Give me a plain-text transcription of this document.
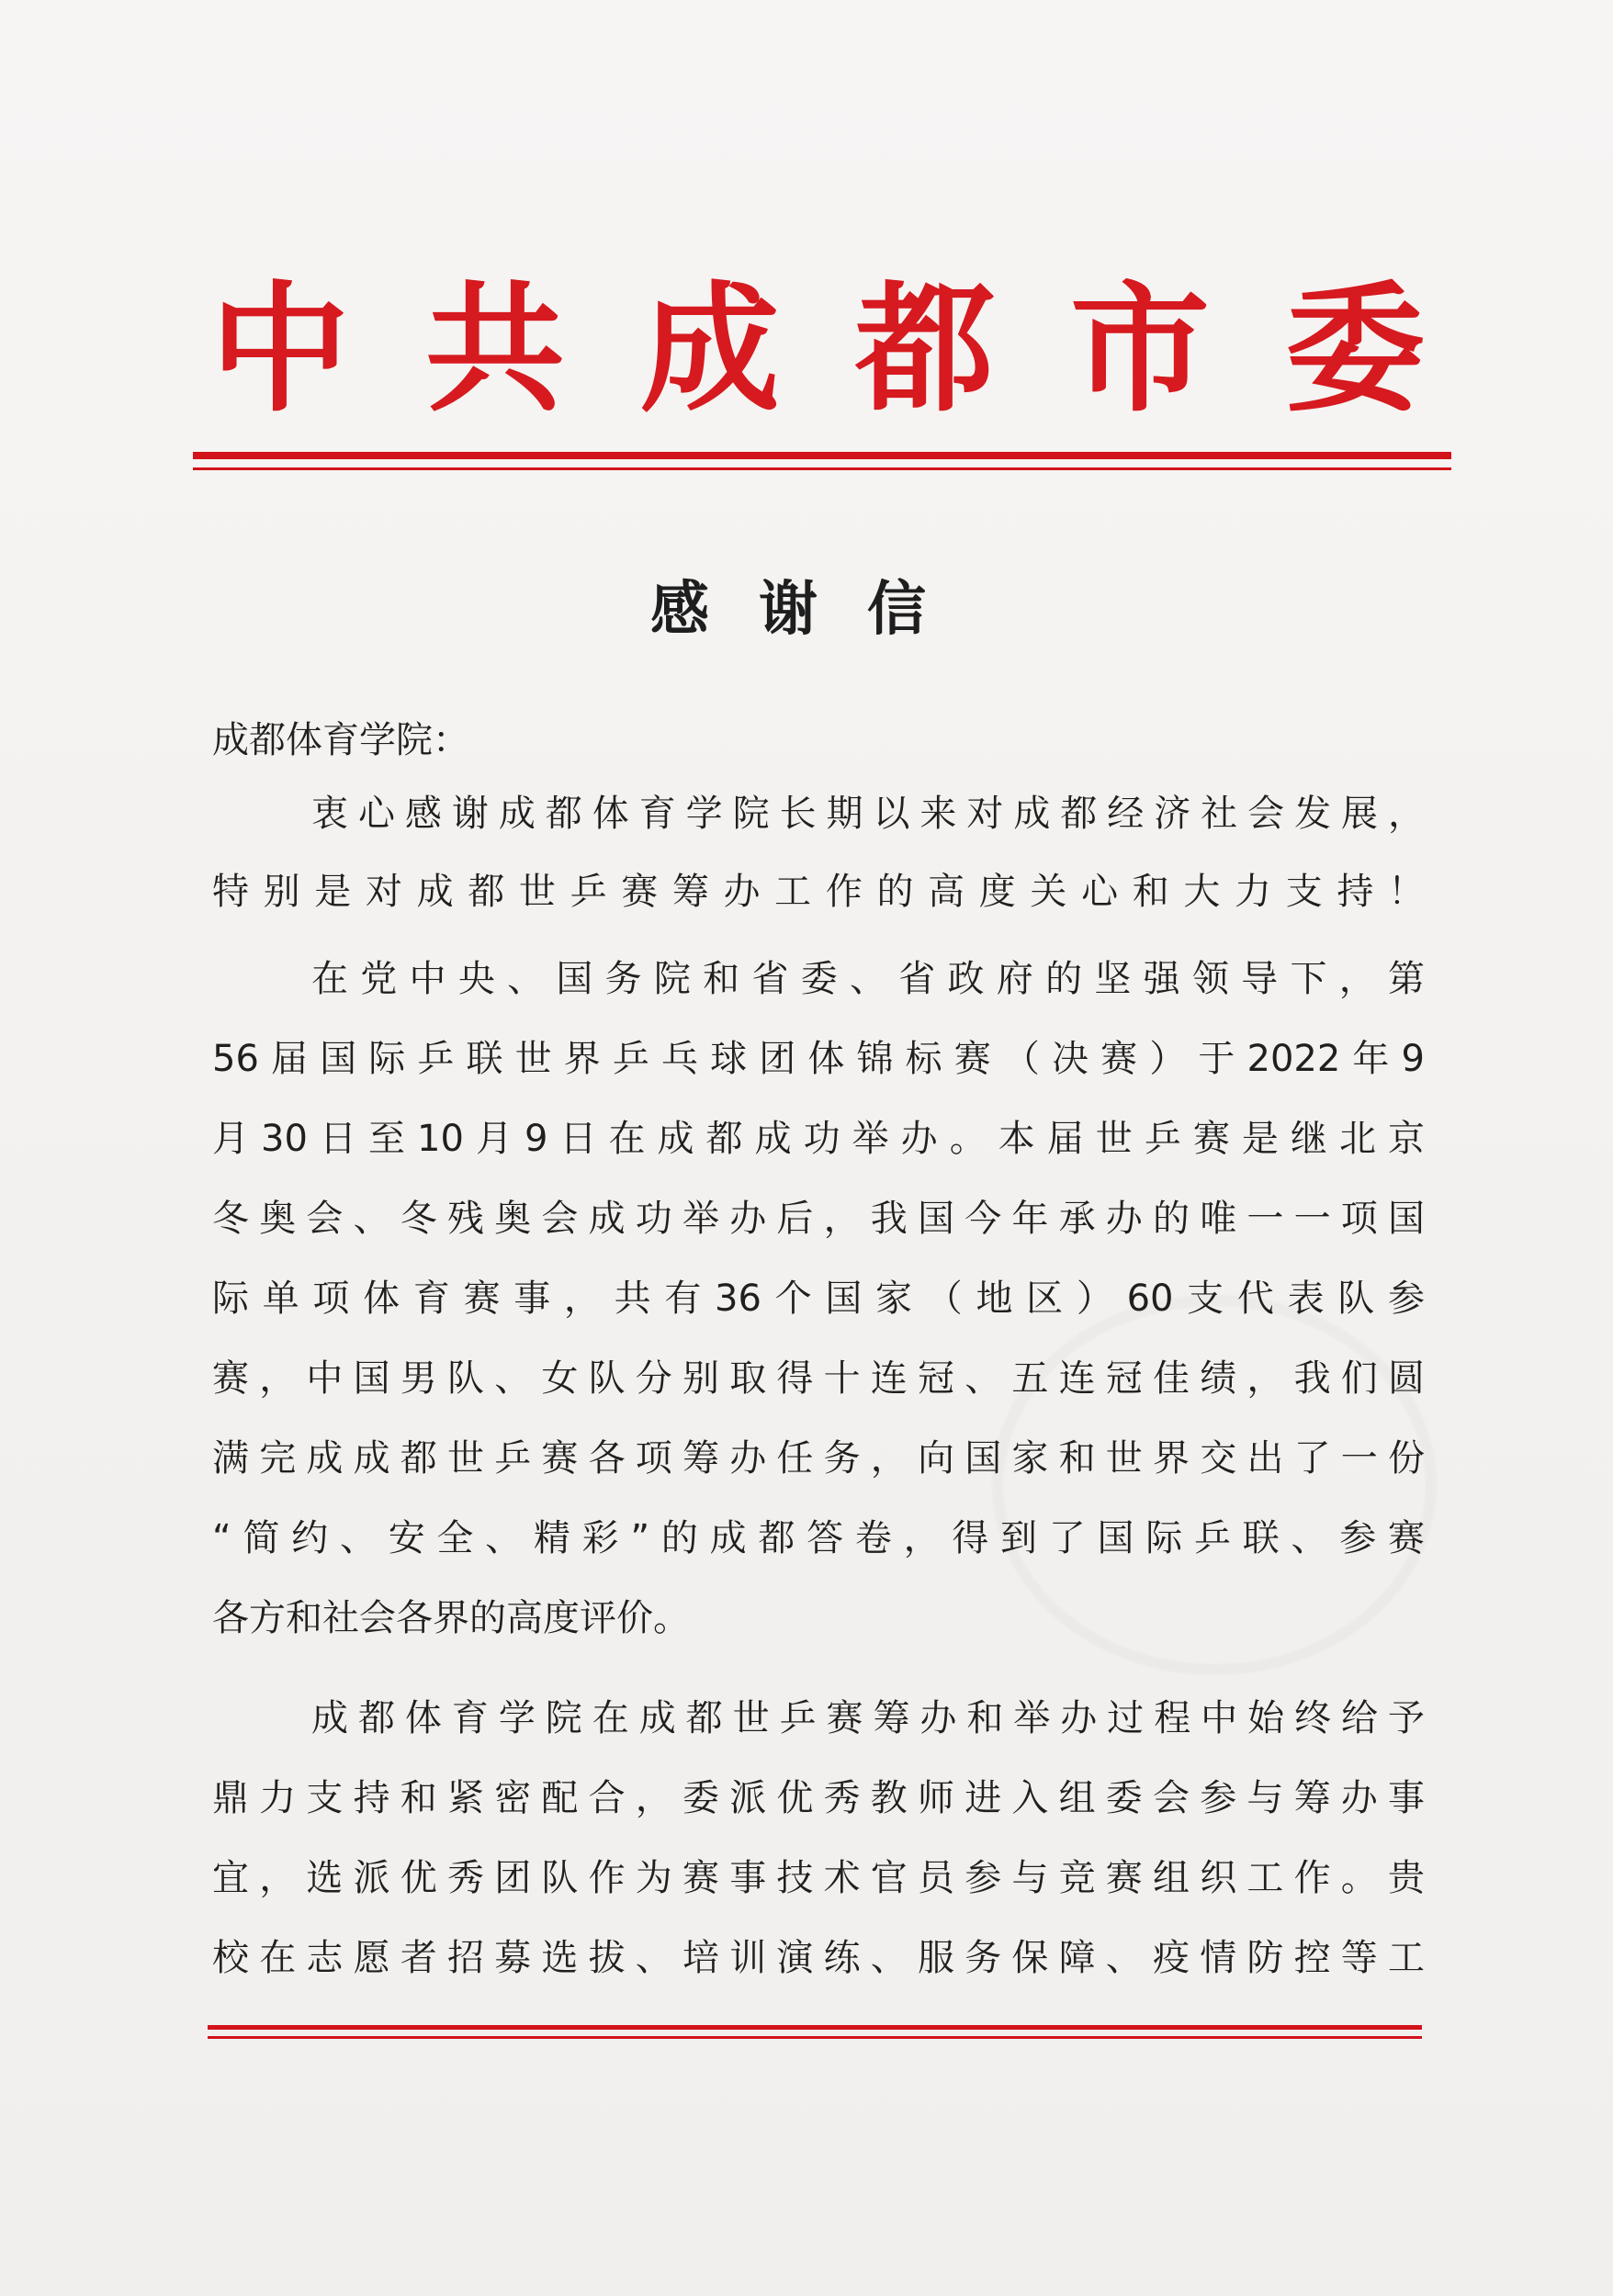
中 共 成 都 市 委
感谢信
成都体育学院：
衷心感谢成都体育学院长期以来对成都经济社会发展，
特别是对成都世乒赛筹办工作的高度关心和大力支持！
在党中央、国务院和省委、省政府的坚强领导下，第
56届国际乒联世界乒乓球团体锦标赛（决赛）于2022年9
月30日至10月9日在成都成功举办。本届世乒赛是继北京
冬奥会、冬残奥会成功举办后，我国今年承办的唯一一项国
际单项体育赛事，共有36个国家（地区）60支代表队参
赛，中国男队、女队分别取得十连冠、五连冠佳绩，我们圆
满完成成都世乒赛各项筹办任务，向国家和世界交出了一份
“简约、安全、精彩”的成都答卷，得到了国际乒联、参赛
各方和社会各界的高度评价。
成都体育学院在成都世乒赛筹办和举办过程中始终给予
鼎力支持和紧密配合，委派优秀教师进入组委会参与筹办事
宜，选派优秀团队作为赛事技术官员参与竞赛组织工作。贵
校在志愿者招募选拔、培训演练、服务保障、疫情防控等工
